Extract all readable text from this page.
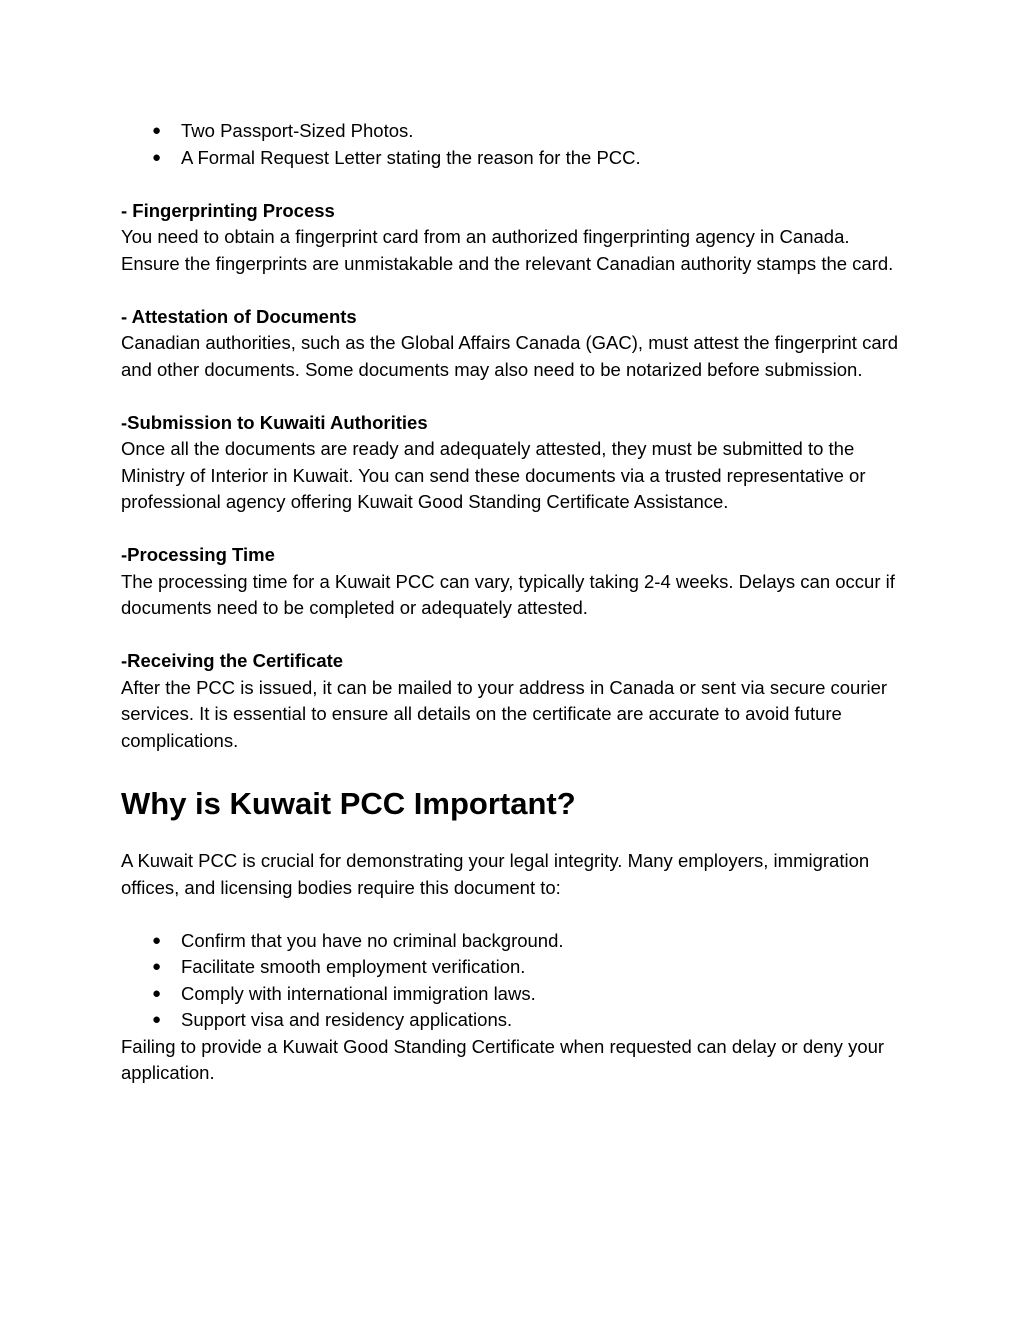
● Two Passport-Sized Photos.
● A Formal Request Letter stating the reason for the PCC.

- Fingerprinting Process

You need to obtain a fingerprint card from an authorized fingerprinting agency in Canada. Ensure the fingerprints are unmistakable and the relevant Canadian authority stamps the card.

- Attestation of Documents

Canadian authorities, such as the Global Affairs Canada (GAC), must attest the fingerprint card and other documents. Some documents may also need to be notarized before submission.

-Submission to Kuwaiti Authorities

Once all the documents are ready and adequately attested, they must be submitted to the Ministry of Interior in Kuwait. You can send these documents via a trusted representative or professional agency offering Kuwait Good Standing Certificate Assistance.

-Processing Time

The processing time for a Kuwait PCC can vary, typically taking 2-4 weeks. Delays can occur if documents need to be completed or adequately attested.

-Receiving the Certificate

After the PCC is issued, it can be mailed to your address in Canada or sent via secure courier services. It is essential to ensure all details on the certificate are accurate to avoid future complications.

Why is Kuwait PCC Important?

A Kuwait PCC is crucial for demonstrating your legal integrity. Many employers, immigration offices, and licensing bodies require this document to:

● Confirm that you have no criminal background.
● Facilitate smooth employment verification.
● Comply with international immigration laws.
● Support visa and residency applications.

Failing to provide a Kuwait Good Standing Certificate when requested can delay or deny your application.
